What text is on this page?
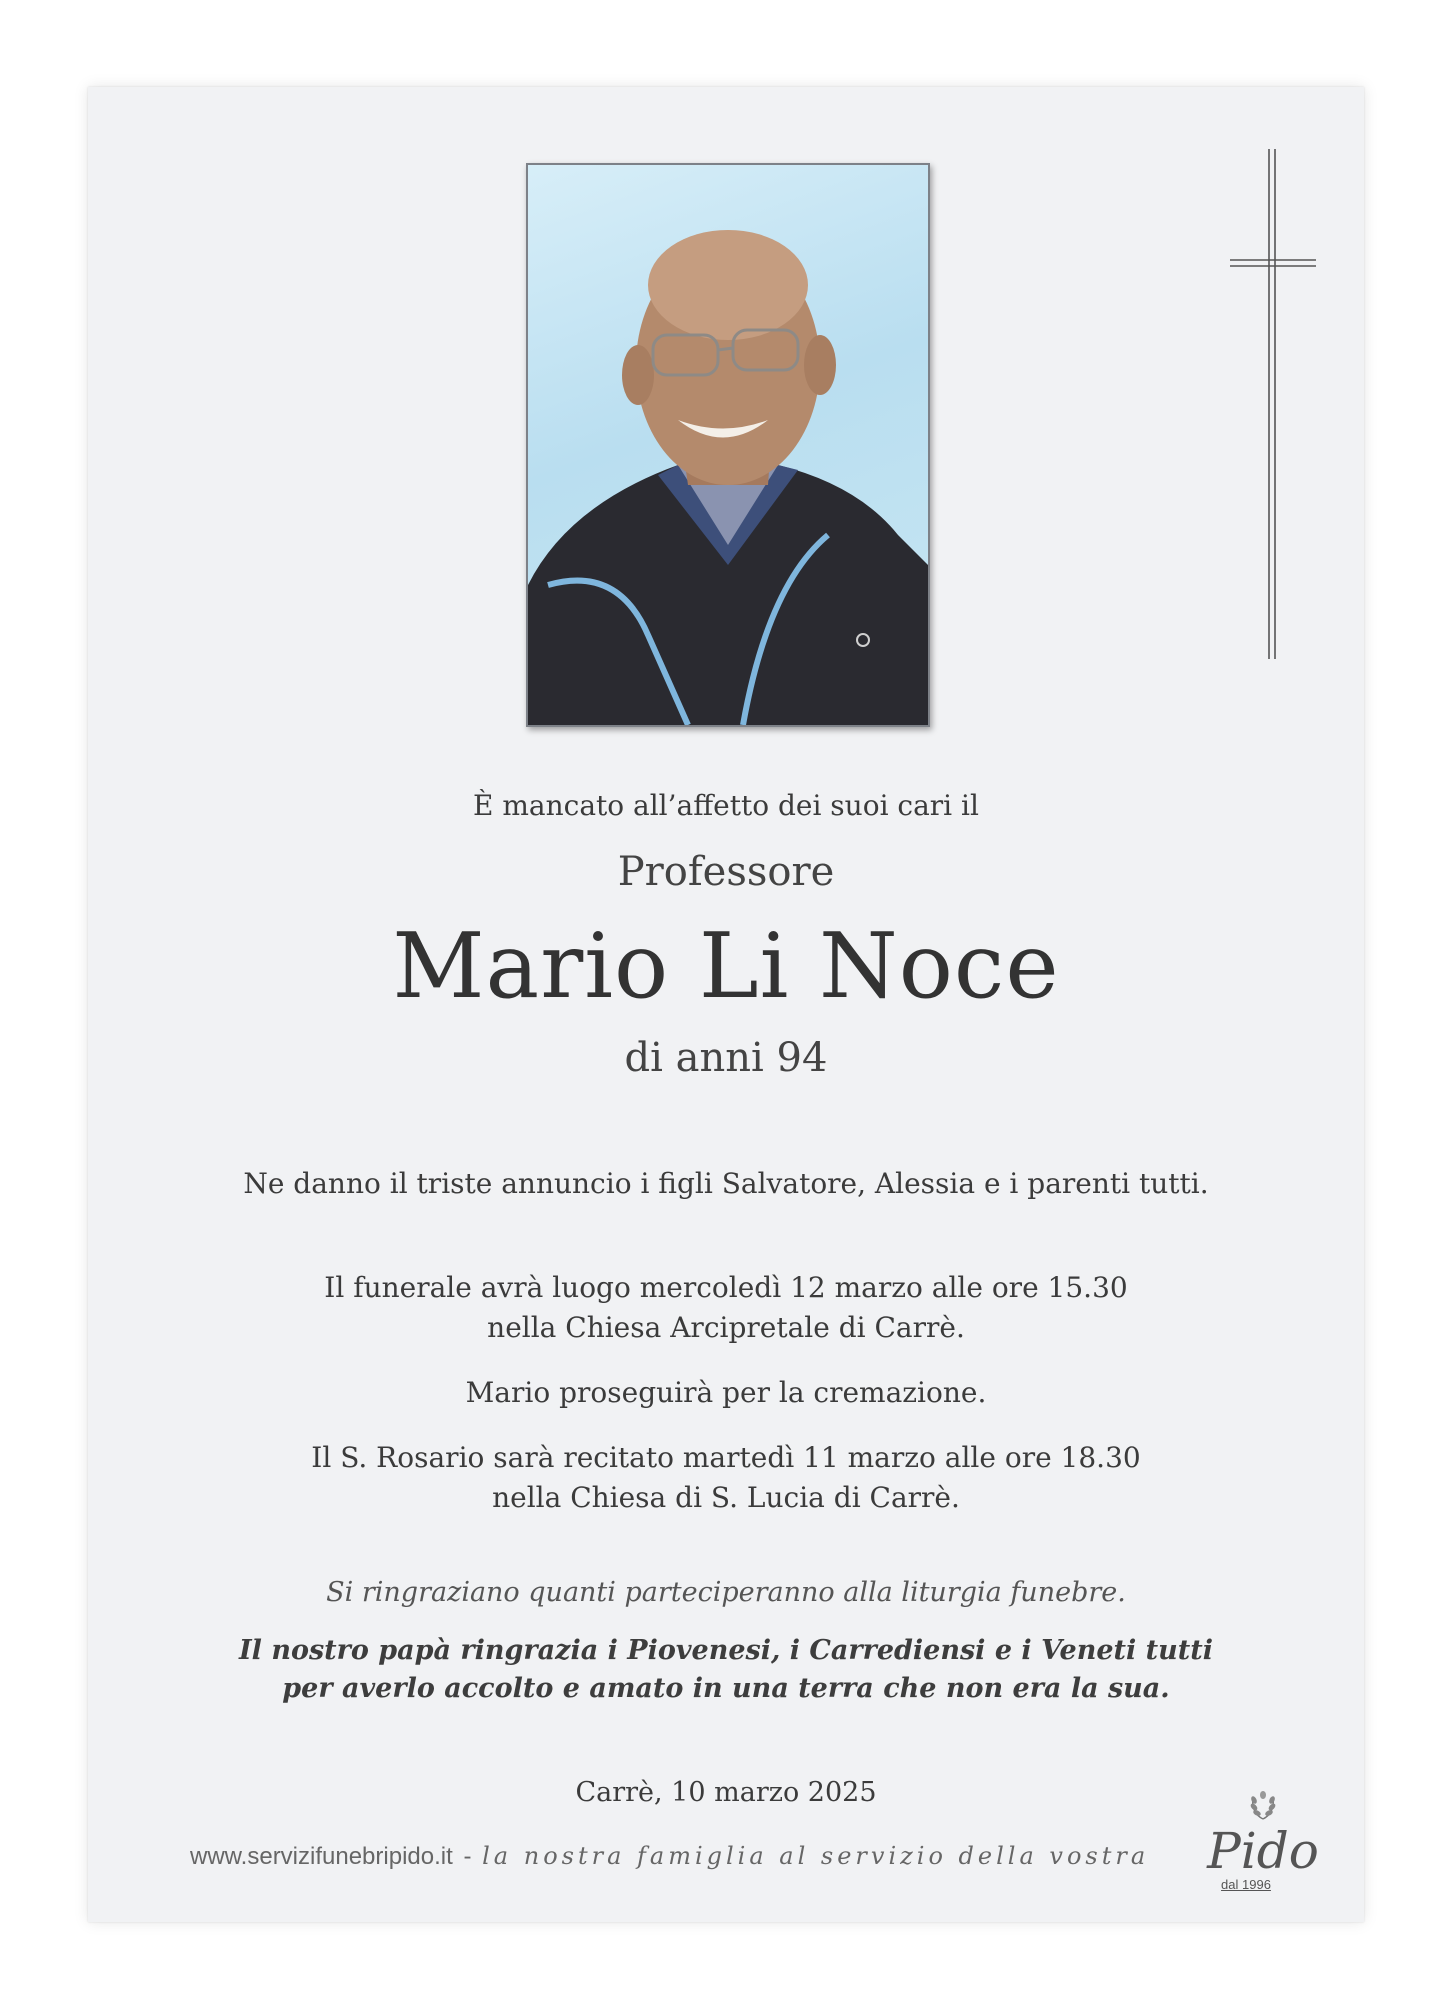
È mancato all’affetto dei suoi cari il
Professore
Mario Li Noce
di anni 94
Ne danno il triste annuncio i figli Salvatore, Alessia e i parenti tutti.
Il funerale avrà luogo mercoledì 12 marzo alle ore 15.30
nella Chiesa Arcipretale di Carrè.
Mario proseguirà per la cremazione.
Il S. Rosario sarà recitato martedì 11 marzo alle ore 18.30
nella Chiesa di S. Lucia di Carrè.
Si ringraziano quanti parteciperanno alla liturgia funebre.
Il nostro papà ringrazia i Piovenesi, i Carrediensi e i Veneti tutti
per averlo accolto e amato in una terra che non era la sua.
Carrè, 10 marzo 2025
www.servizifunebripido.it - la nostra famiglia al servizio della vostra Pido
dal 1996
